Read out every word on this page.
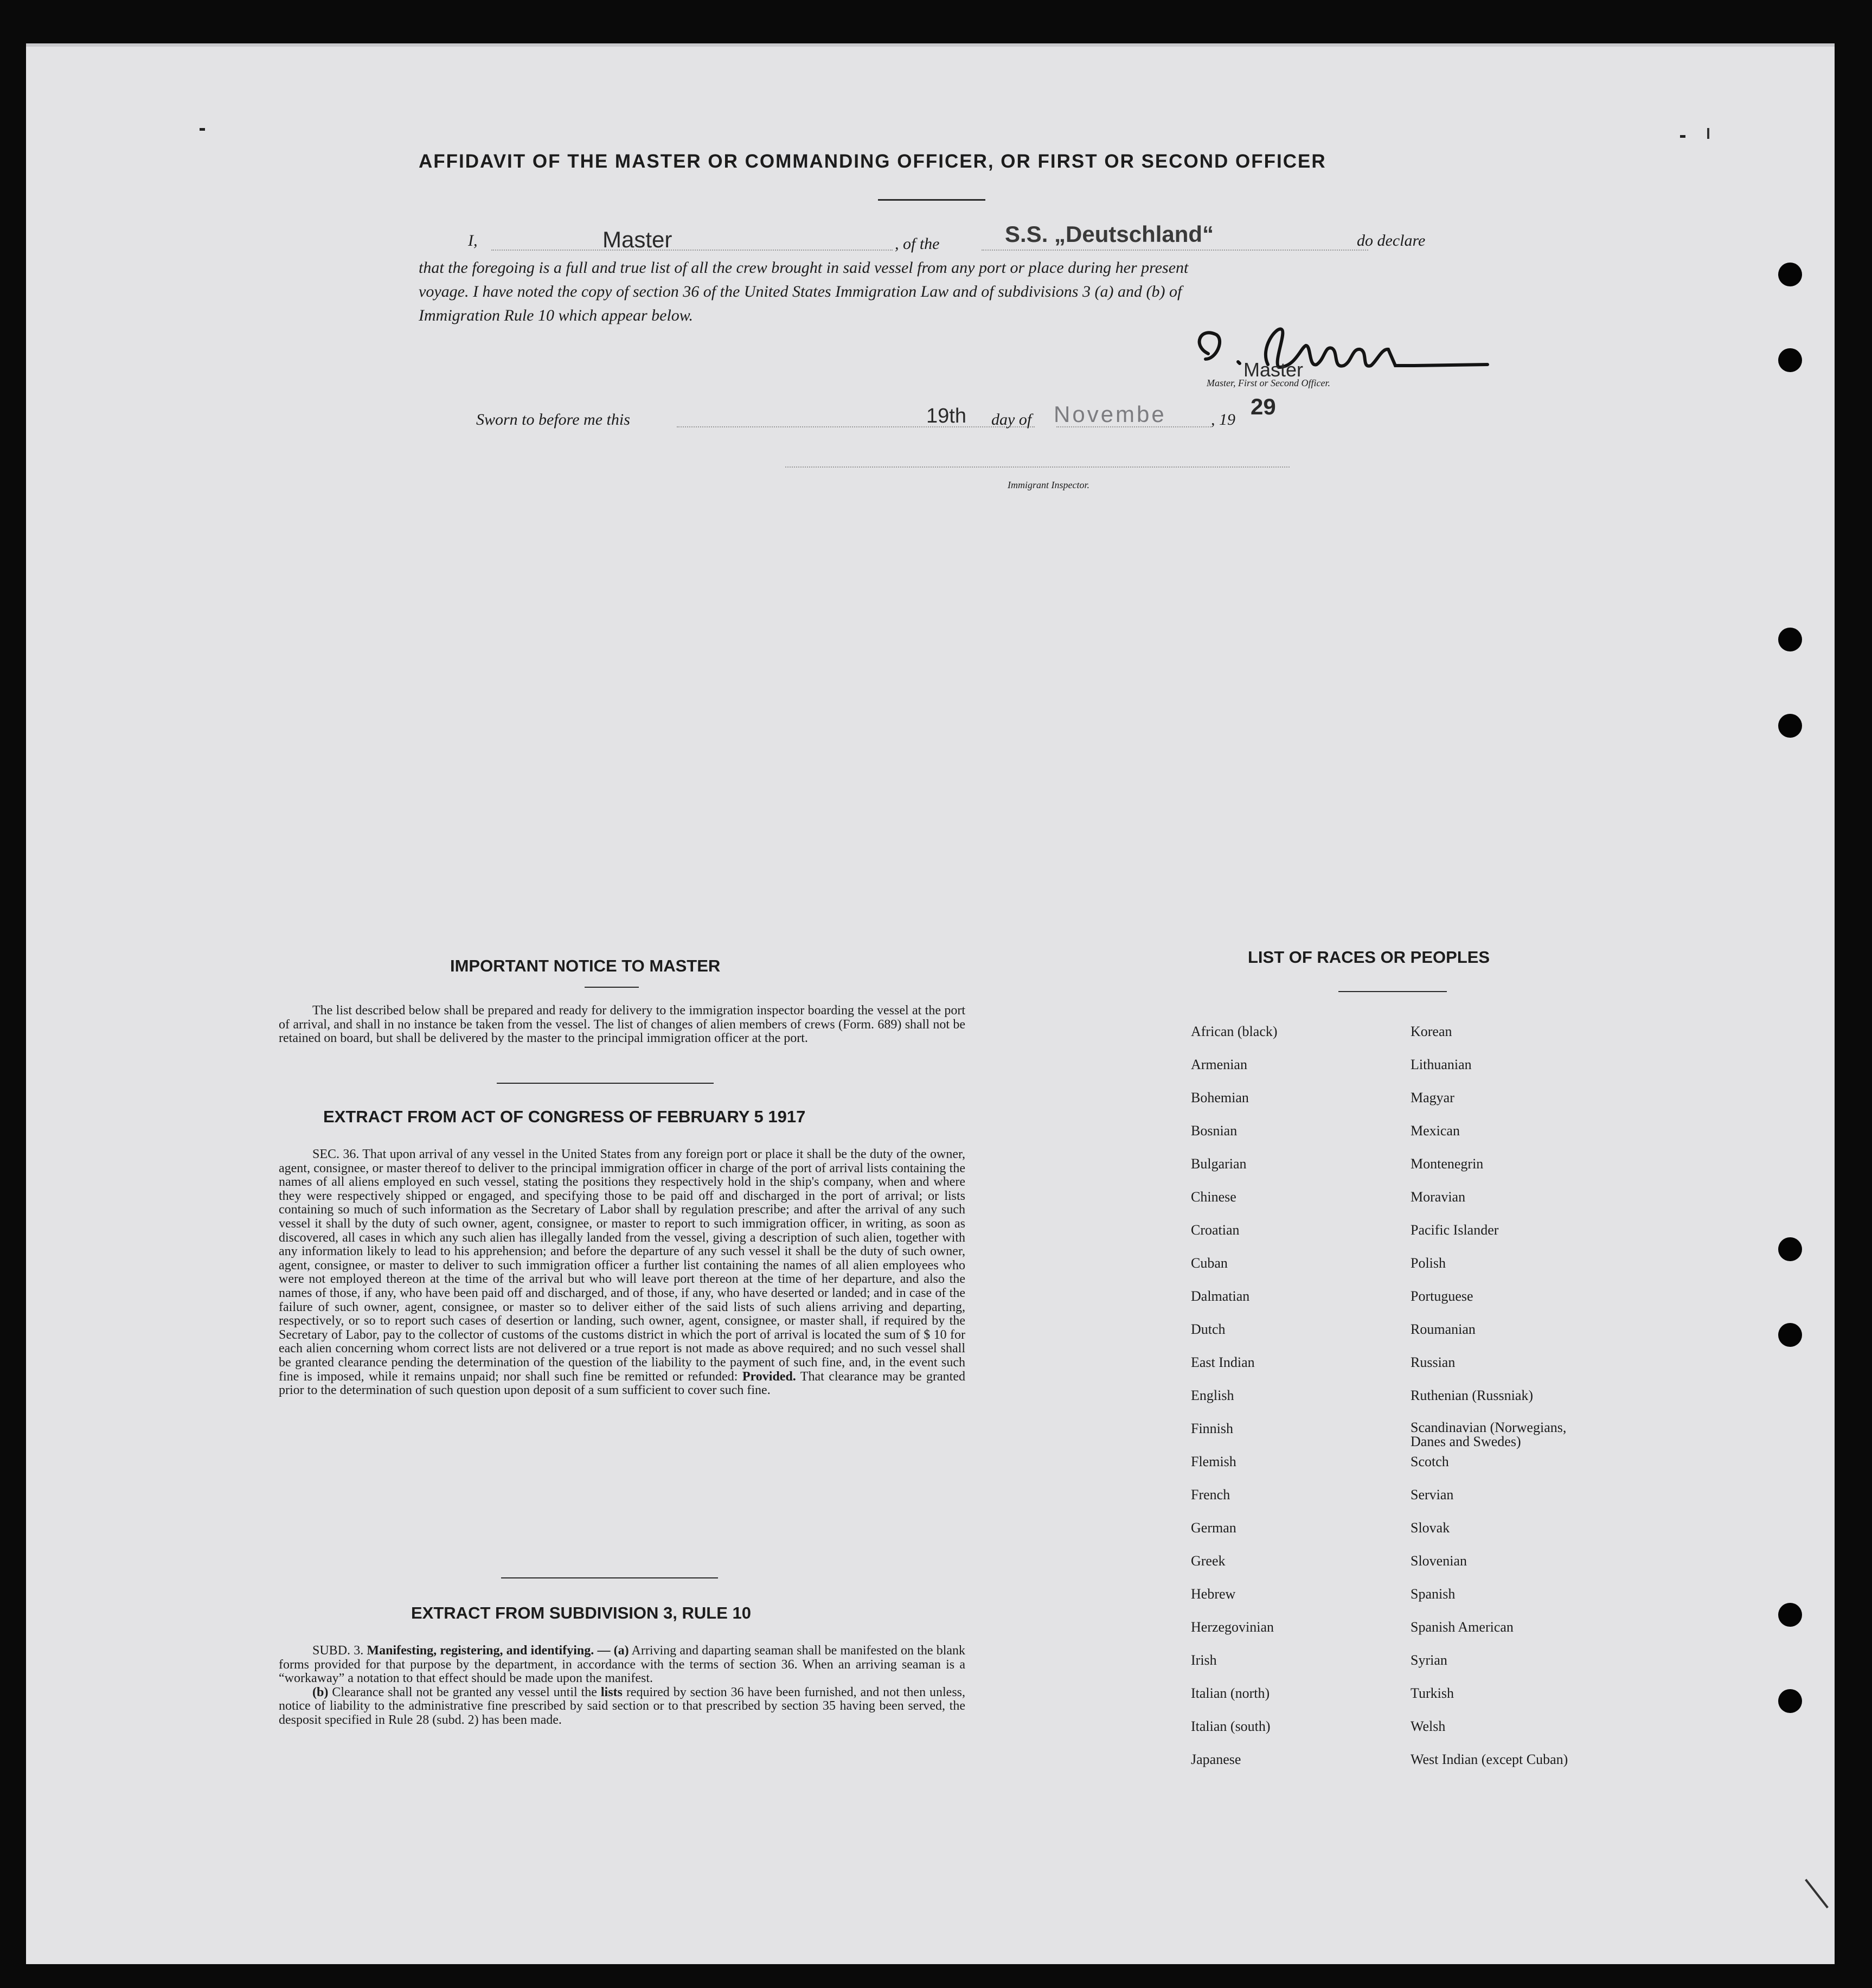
AFFIDAVIT OF THE MASTER OR COMMANDING OFFICER, OR FIRST OR SECOND OFFICER
I,	Master	, of the	S.S. „Deutschland“	do declare
that the foregoing is a full and true list of all the crew brought in said vessel from any port or place during her present
voyage. I have noted the copy of section 36 of the United States Immigration Law and of subdivisions 3 (a) and (b) of
Immigration Rule 10 which appear below.
Master
Master, First or Second Officer.
Sworn to before me this	19th day of Novembe	, 19
29
Immigrant Inspector.
IMPORTANT NOTICE TO MASTER
The list described below shall be prepared and ready for delivery to the immigration inspector boarding the vessel at the port of arrival, and shall in no instance be taken from the vessel. The list of changes of alien members of crews (Form. 689) shall not be retained on board, but shall be delivered by the master to the principal immigration officer at the port.
EXTRACT FROM ACT OF CONGRESS OF FEBRUARY 5 1917
SEC. 36. That upon arrival of any vessel in the United States from any foreign port or place it shall be the duty of the owner, agent, consignee, or master thereof to deliver to the principal immigration officer in charge of the port of arrival lists containing the names of all aliens employed en such vessel, stating the positions they respectively hold in the ship's company, when and where they were respectively shipped or engaged, and specifying those to be paid off and discharged in the port of arrival; or lists containing so much of such information as the Secretary of Labor shall by regulation prescribe; and after the arrival of any such vessel it shall by the duty of such owner, agent, consignee, or master to report to such immigration officer, in writing, as soon as discovered, all cases in which any such alien has illegally landed from the vessel, giving a description of such alien, together with any information likely to lead to his apprehension; and before the departure of any such vessel it shall be the duty of such owner, agent, consignee, or master to deliver to such immigration officer a further list containing the names of all alien employees who were not employed thereon at the time of the arrival but who will leave port thereon at the time of her departure, and also the names of those, if any, who have been paid off and discharged, and of those, if any, who have deserted or landed; and in case of the failure of such owner, agent, consignee, or master so to deliver either of the said lists of such aliens arriving and departing, respectively, or so to report such cases of desertion or landing, such owner, agent, consignee, or master shall, if required by the Secretary of Labor, pay to the collector of customs of the customs district in which the port of arrival is located the sum of $ 10 for each alien concerning whom correct lists are not delivered or a true report is not made as above required; and no such vessel shall be granted clearance pending the determination of the question of the liability to the payment of such fine, and, in the event such fine is imposed, while it remains unpaid; nor shall such fine be remitted or refunded: Provided. That clearance may be granted prior to the determination of such question upon deposit of a sum sufficient to cover such fine.
EXTRACT FROM SUBDIVISION 3, RULE 10
SUBD. 3. Manifesting, registering, and identifying. — (a) Arriving and daparting seaman shall be manifested on the blank forms provided for that purpose by the department, in accordance with the terms of section 36. When an arriving seaman is a “workaway” a notation to that effect should be made upon the manifest.
(b) Clearance shall not be granted any vessel until the lists required by section 36 have been furnished, and not then unless, notice of liability to the administrative fine prescribed by said section or to that prescribed by section 35 having been served, the desposit specified in Rule 28 (subd. 2) has been made.
LIST OF RACES OR PEOPLES
African (black)	Korean
Armenian	Lithuanian
Bohemian	Magyar
Bosnian	Mexican
Bulgarian	Montenegrin
Chinese	Moravian
Croatian	Pacific Islander
Cuban	Polish
Dalmatian	Portuguese
Dutch	Roumanian
East Indian	Russian
English	Ruthenian (Russniak)
Finnish	Scandinavian (Norwegians,
Danes and Swedes)
Flemish	Scotch
French	Servian
German	Slovak
Greek	Slovenian
Hebrew	Spanish
Herzegovinian	Spanish American
Irish	Syrian
Italian (north)	Turkish
Italian (south)	Welsh
Japanese	West Indian (except Cuban)
